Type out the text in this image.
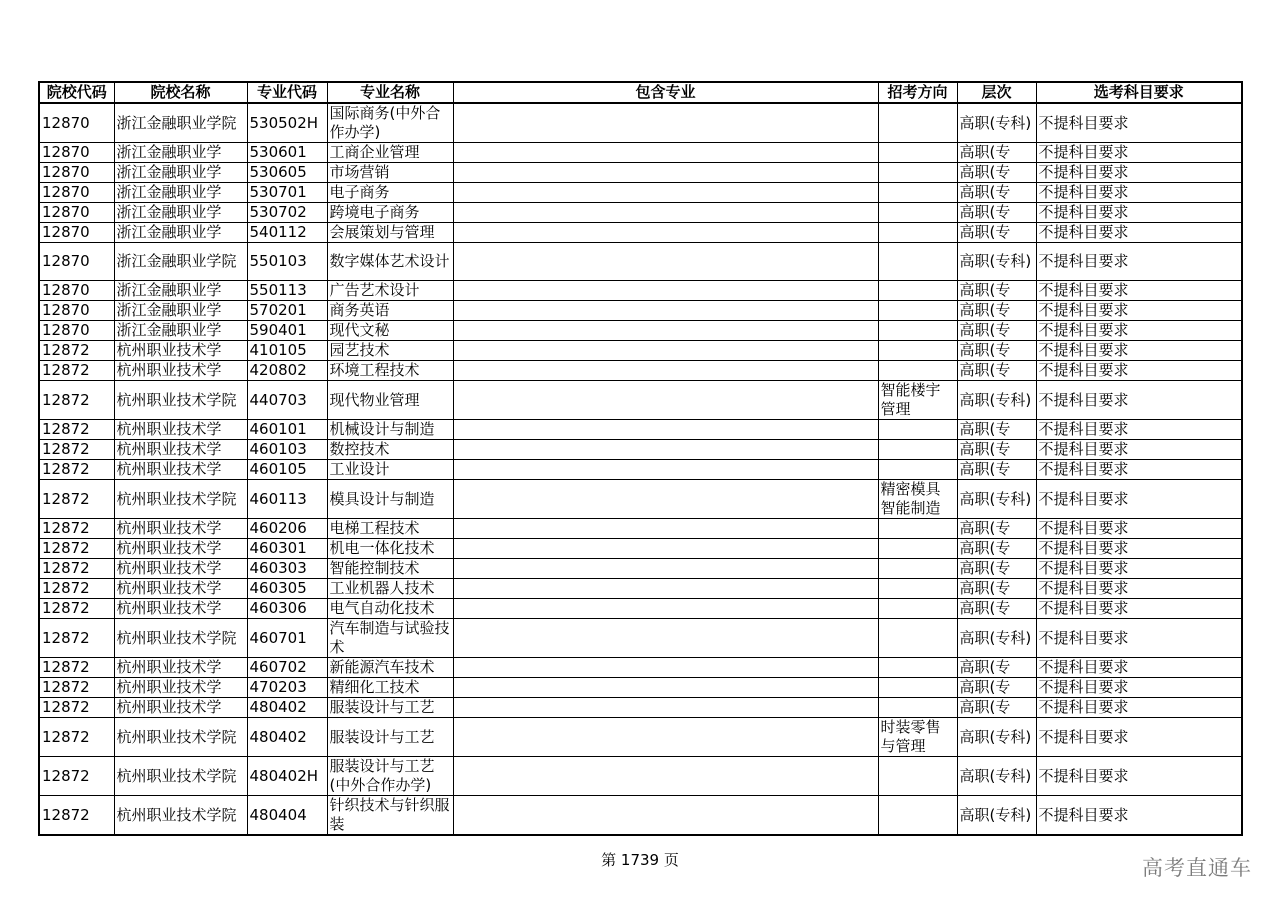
院校代码	院校名称	专业代码	专业名称	包含专业	招考方向	层次	选考科目要求
12870	浙江金融职业学院	530502H	国际商务(中外合作办学)			高职(专科)	不提科目要求
12870	浙江金融职业学	530601	工商企业管理			高职(专	不提科目要求
12870	浙江金融职业学	530605	市场营销			高职(专	不提科目要求
12870	浙江金融职业学	530701	电子商务			高职(专	不提科目要求
12870	浙江金融职业学	530702	跨境电子商务			高职(专	不提科目要求
12870	浙江金融职业学	540112	会展策划与管理			高职(专	不提科目要求
12870	浙江金融职业学院	550103	数字媒体艺术设计			高职(专科)	不提科目要求
12870	浙江金融职业学	550113	广告艺术设计			高职(专	不提科目要求
12870	浙江金融职业学	570201	商务英语			高职(专	不提科目要求
12870	浙江金融职业学	590401	现代文秘			高职(专	不提科目要求
12872	杭州职业技术学	410105	园艺技术			高职(专	不提科目要求
12872	杭州职业技术学	420802	环境工程技术			高职(专	不提科目要求
12872	杭州职业技术学院	440703	现代物业管理		智能楼宇管理	高职(专科)	不提科目要求
12872	杭州职业技术学	460101	机械设计与制造			高职(专	不提科目要求
12872	杭州职业技术学	460103	数控技术			高职(专	不提科目要求
12872	杭州职业技术学	460105	工业设计			高职(专	不提科目要求
12872	杭州职业技术学院	460113	模具设计与制造		精密模具智能制造	高职(专科)	不提科目要求
12872	杭州职业技术学	460206	电梯工程技术			高职(专	不提科目要求
12872	杭州职业技术学	460301	机电一体化技术			高职(专	不提科目要求
12872	杭州职业技术学	460303	智能控制技术			高职(专	不提科目要求
12872	杭州职业技术学	460305	工业机器人技术			高职(专	不提科目要求
12872	杭州职业技术学	460306	电气自动化技术			高职(专	不提科目要求
12872	杭州职业技术学院	460701	汽车制造与试验技术			高职(专科)	不提科目要求
12872	杭州职业技术学	460702	新能源汽车技术			高职(专	不提科目要求
12872	杭州职业技术学	470203	精细化工技术			高职(专	不提科目要求
12872	杭州职业技术学	480402	服装设计与工艺			高职(专	不提科目要求
12872	杭州职业技术学院	480402	服装设计与工艺		时装零售与管理	高职(专科)	不提科目要求
12872	杭州职业技术学院	480402H	服装设计与工艺(中外合作办学)			高职(专科)	不提科目要求
12872	杭州职业技术学院	480404	针织技术与针织服装			高职(专科)	不提科目要求
第 1739 页	高考直通车
